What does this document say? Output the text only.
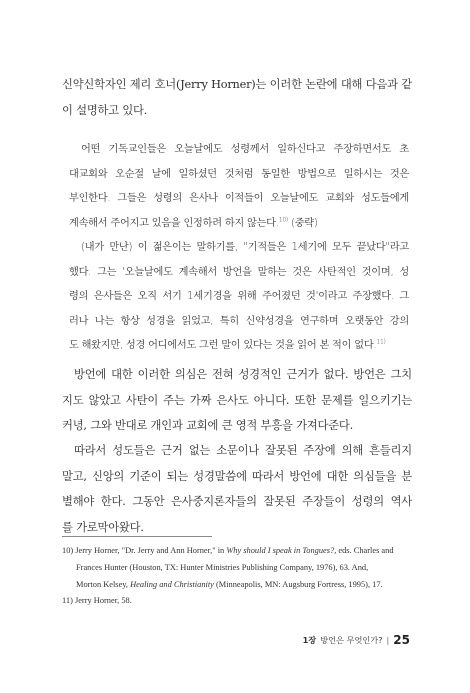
신약신학자인 제리 호너(Jerry Horner)는 이러한 논란에 대해 다음과 같
이 설명하고 있다.
어떤 기독교인들은 오늘날에도 성령께서 일하신다고 주장하면서도 초
대교회와 오순절 날에 일하셨던 것처럼 동일한 방법으로 일하시는 것은
부인한다. 그들은 성령의 은사나 이적들이 오늘날에도 교회와 성도들에게
계속해서 주어지고 있음을 인정하려 하지 않는다.$^{10)}$ (중략)
(내가 만난) 이 젊은이는 말하기를, "기적들은 1세기에 모두 끝났다"라고
했다. 그는 '오늘날에도 계속해서 방언을 말하는 것은 사탄적인 것이며, 성
령의 은사들은 오직 서기 1세기경을 위해 주어졌던 것'이라고 주장했다. 그
러나 나는 항상 성경을 읽었고, 특히 신약성경을 연구하며 오랫동안 강의
도 해왔지만, 성경 어디에서도 그런 말이 있다는 것을 읽어 본 적이 없다.$^{11)}$
방언에 대한 이러한 의심은 전혀 성경적인 근거가 없다. 방언은 그치
지도 않았고 사탄이 주는 가짜 은사도 아니다. 또한 문제를 일으키기는
커녕, 그와 반대로 개인과 교회에 큰 영적 부흥을 가져다준다.
따라서 성도들은 근거 없는 소문이나 잘못된 주장에 의해 흔들리지
말고, 신앙의 기준이 되는 성경말씀에 따라서 방언에 대한 의심들을 분
별해야 한다. 그동안 은사중지론자들의 잘못된 주장들이 성령의 역사
를 가로막아왔다.
10) Jerry Horner, "Dr. Jerry and Ann Horner," in Why should I speak in Tongues?, eds. Charles and
Frances Hunter (Houston, TX: Hunter Ministries Publishing Company, 1976), 63. And,
Morton Kelsey, Healing and Christianity (Minneapolis, MN: Augsburg Fortress, 1995), 17.
11) Jerry Horner, 58.
1장 방언은 무엇인가? | 25
